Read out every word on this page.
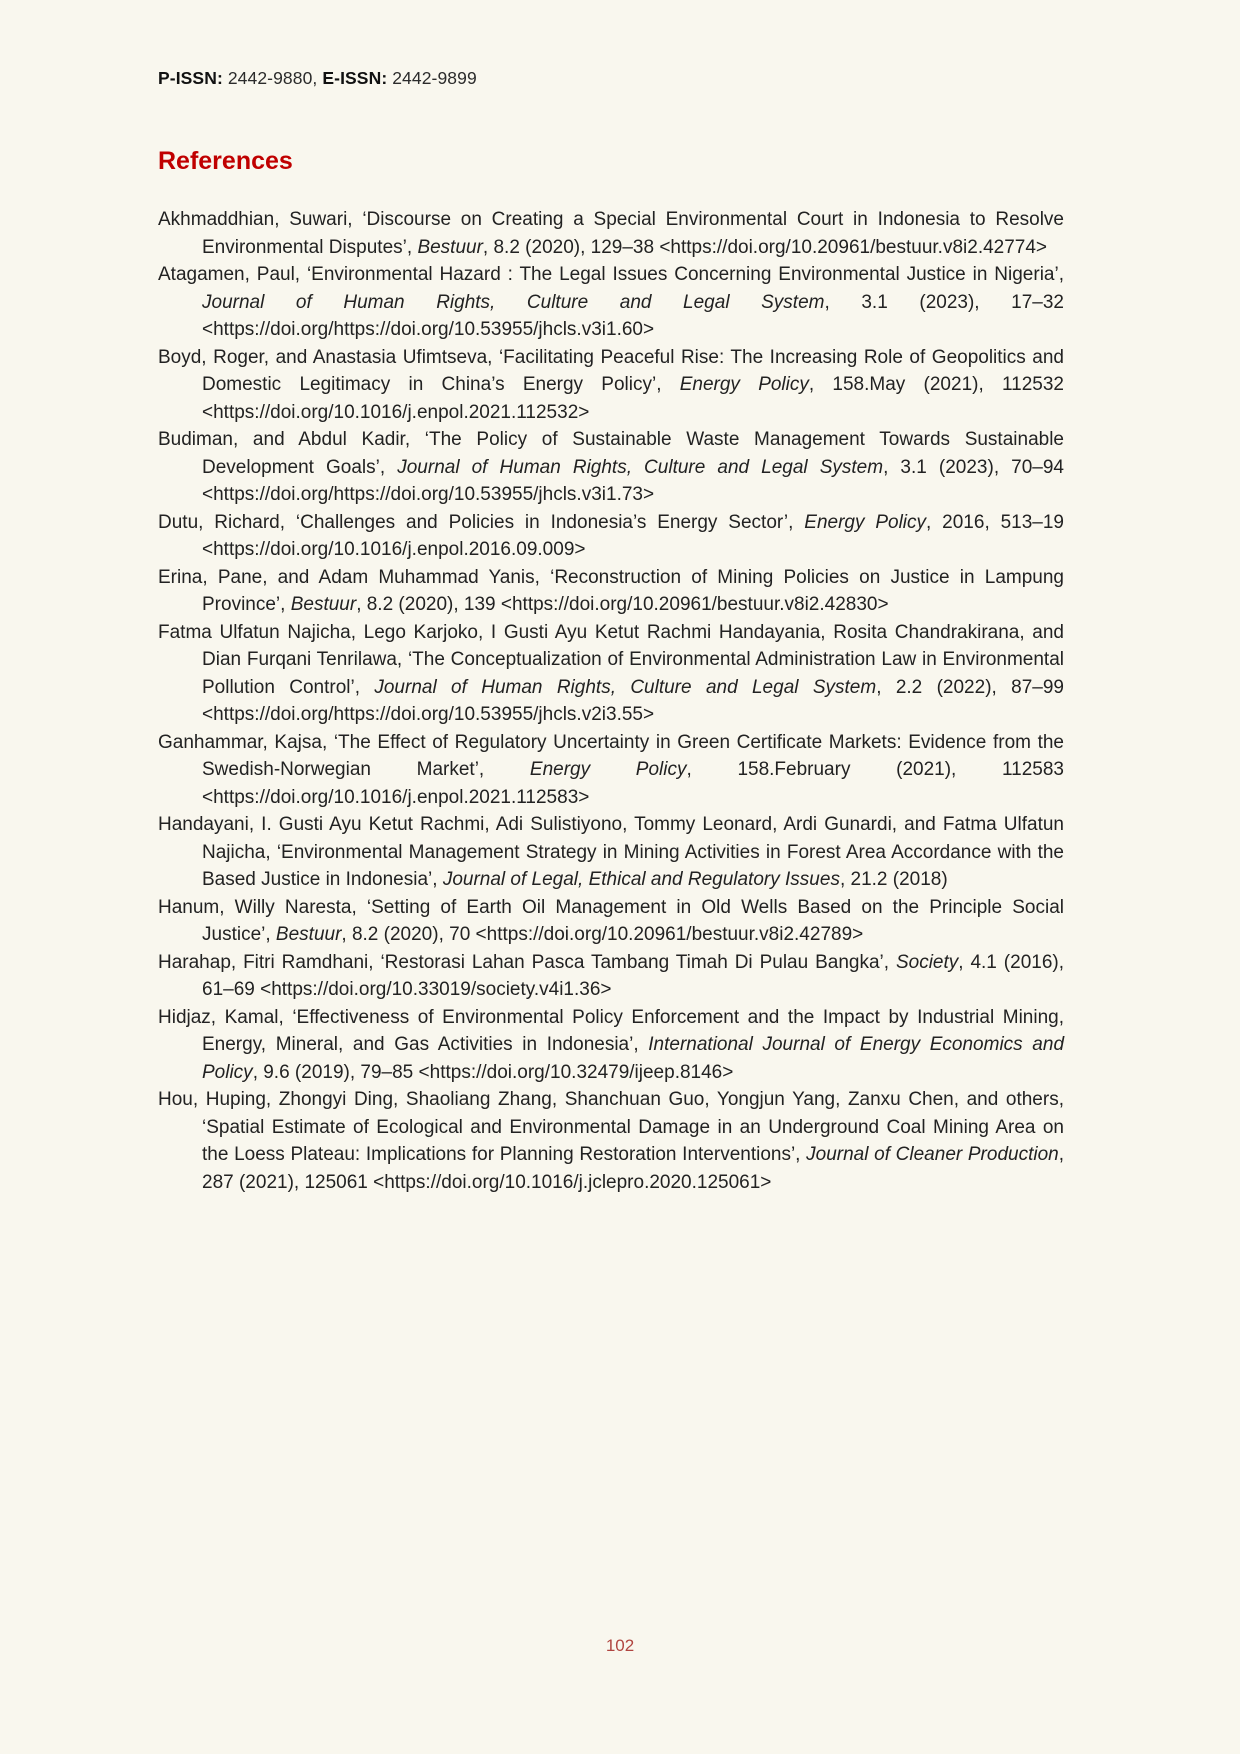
P-ISSN: 2442-9880, E-ISSN: 2442-9899
References

Akhmaddhian, Suwari, ‘Discourse on Creating a Special Environmental Court in Indonesia to Resolve Environmental Disputes’, Bestuur, 8.2 (2020), 129–38 <https://doi.org/10.20961/bestuur.v8i2.42774>

Atagamen, Paul, ‘Environmental Hazard : The Legal Issues Concerning Environmental Justice in Nigeria’, Journal of Human Rights, Culture and Legal System, 3.1 (2023), 17–32 <https://doi.org/https://doi.org/10.53955/jhcls.v3i1.60>

Boyd, Roger, and Anastasia Ufimtseva, ‘Facilitating Peaceful Rise: The Increasing Role of Geopolitics and Domestic Legitimacy in China’s Energy Policy’, Energy Policy, 158.May (2021), 112532 <https://doi.org/10.1016/j.enpol.2021.112532>

Budiman, and Abdul Kadir, ‘The Policy of Sustainable Waste Management Towards Sustainable Development Goals’, Journal of Human Rights, Culture and Legal System, 3.1 (2023), 70–94 <https://doi.org/https://doi.org/10.53955/jhcls.v3i1.73>

Dutu, Richard, ‘Challenges and Policies in Indonesia’s Energy Sector’, Energy Policy, 2016, 513–19 <https://doi.org/10.1016/j.enpol.2016.09.009>

Erina, Pane, and Adam Muhammad Yanis, ‘Reconstruction of Mining Policies on Justice in Lampung Province’, Bestuur, 8.2 (2020), 139 <https://doi.org/10.20961/bestuur.v8i2.42830>

Fatma Ulfatun Najicha, Lego Karjoko, I Gusti Ayu Ketut Rachmi Handayania, Rosita Chandrakirana, and Dian Furqani Tenrilawa, ‘The Conceptualization of Environmental Administration Law in Environmental Pollution Control’, Journal of Human Rights, Culture and Legal System, 2.2 (2022), 87–99 <https://doi.org/https://doi.org/10.53955/jhcls.v2i3.55>

Ganhammar, Kajsa, ‘The Effect of Regulatory Uncertainty in Green Certificate Markets: Evidence from the Swedish-Norwegian Market’, Energy Policy, 158.February (2021), 112583 <https://doi.org/10.1016/j.enpol.2021.112583>

Handayani, I. Gusti Ayu Ketut Rachmi, Adi Sulistiyono, Tommy Leonard, Ardi Gunardi, and Fatma Ulfatun Najicha, ‘Environmental Management Strategy in Mining Activities in Forest Area Accordance with the Based Justice in Indonesia’, Journal of Legal, Ethical and Regulatory Issues, 21.2 (2018)

Hanum, Willy Naresta, ‘Setting of Earth Oil Management in Old Wells Based on the Principle Social Justice’, Bestuur, 8.2 (2020), 70 <https://doi.org/10.20961/bestuur.v8i2.42789>

Harahap, Fitri Ramdhani, ‘Restorasi Lahan Pasca Tambang Timah Di Pulau Bangka’, Society, 4.1 (2016), 61–69 <https://doi.org/10.33019/society.v4i1.36>

Hidjaz, Kamal, ‘Effectiveness of Environmental Policy Enforcement and the Impact by Industrial Mining, Energy, Mineral, and Gas Activities in Indonesia’, International Journal of Energy Economics and Policy, 9.6 (2019), 79–85 <https://doi.org/10.32479/ijeep.8146>

Hou, Huping, Zhongyi Ding, Shaoliang Zhang, Shanchuan Guo, Yongjun Yang, Zanxu Chen, and others, ‘Spatial Estimate of Ecological and Environmental Damage in an Underground Coal Mining Area on the Loess Plateau: Implications for Planning Restoration Interventions’, Journal of Cleaner Production, 287 (2021), 125061 <https://doi.org/10.1016/j.jclepro.2020.125061>

102
